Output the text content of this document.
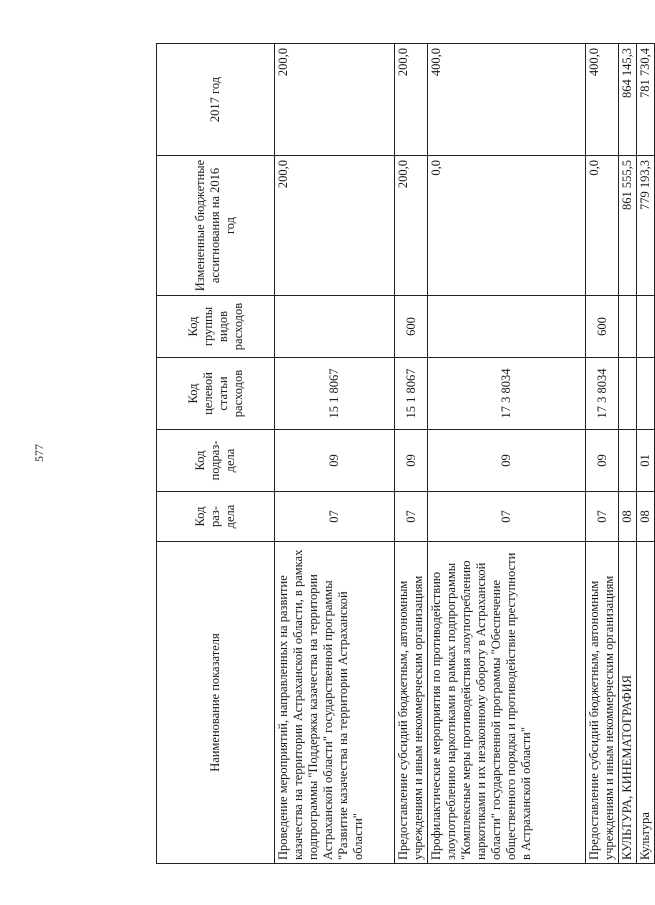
577
Наименование показателя	Код раз-дела	Код подраз-дела	Код целевой статьи расходов	Код группы видов расходов	Измененные бюджетные ассигнования на 2016 год	2017 год
Проведение мероприятий, направленных на развитие казачества на территории Астраханской области, в рамках подпрограммы "Поддержка казачества на территории Астраханской области" государственной программы "Развитие казачества на территории Астраханской области"	07	09	15 1 8067		200,0	200,0
Предоставление субсидий бюджетным, автономным учреждениям и иным некоммерческим организациям	07	09	15 1 8067	600	200,0	200,0
Профилактические мероприятия по противодействию злоупотреблению наркотиками в рамках подпрограммы "Комплексные меры противодействия злоупотреблению наркотиками и их незаконному обороту в Астраханской области" государственной программы "Обеспечение общественного порядка и противодействие преступности в Астраханской области"	07	09	17 3 8034		0,0	400,0
Предоставление субсидий бюджетным, автономным учреждениям и иным некоммерческим организациям	07	09	17 3 8034	600	0,0	400,0
КУЛЬТУРА, КИНЕМАТОГРАФИЯ	08				861 555,5	864 145,3
Культура	08	01			779 193,3	781 730,4
